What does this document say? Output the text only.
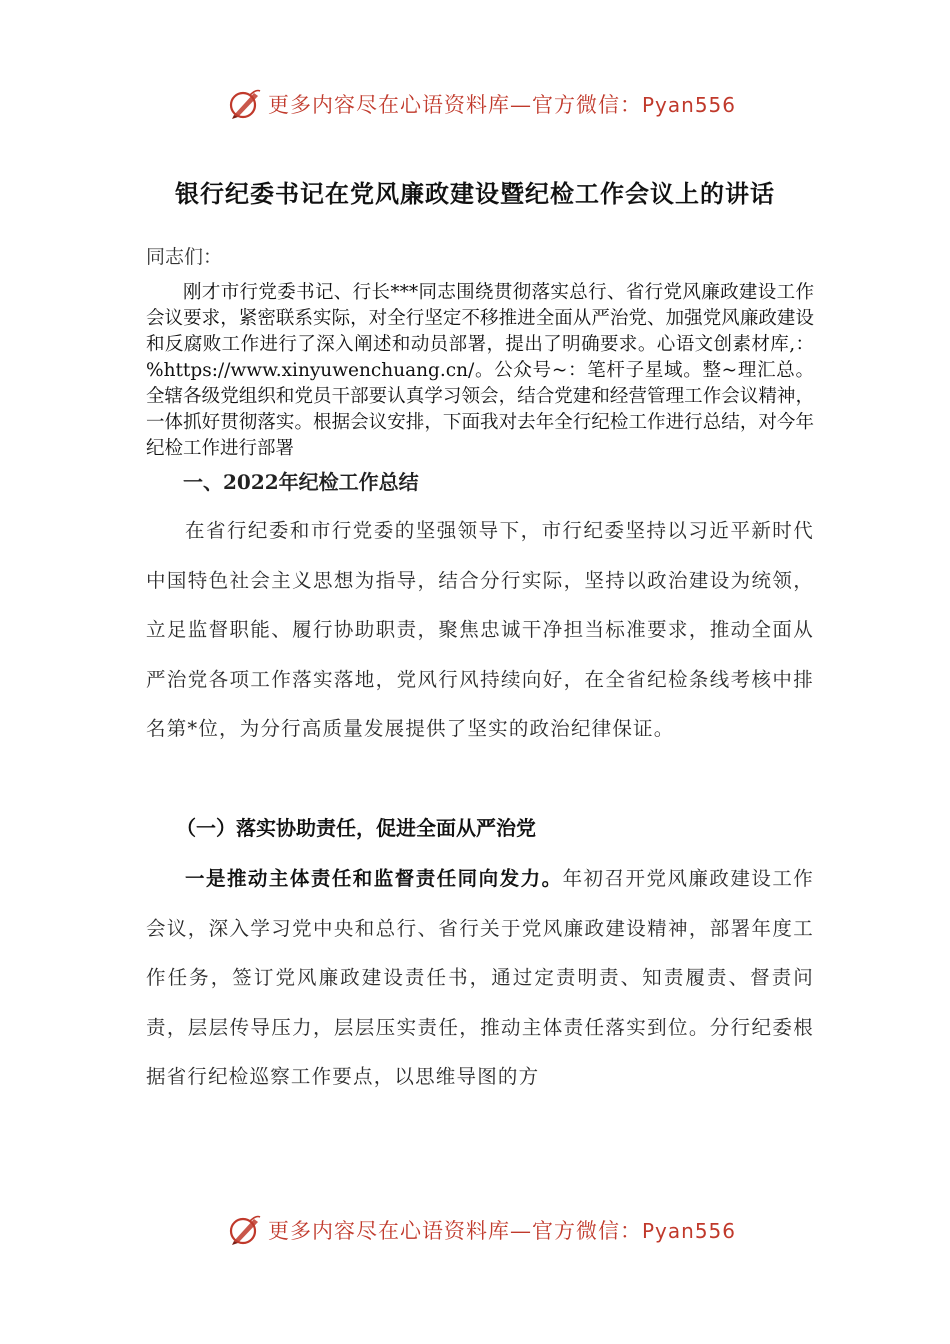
更多内容尽在心语资料库—官方微信：Pyan556
银行纪委书记在党风廉政建设暨纪检工作会议上的讲话
同志们：
刚才市行党委书记、行长***同志围绕贯彻落实总行、省行党风廉政建设工作会议要求，紧密联系实际，对全行坚定不移推进全面从严治党、加强党风廉政建设和反腐败工作进行了深入阐述和动员部署，提出了明确要求。心语文创素材库,：%https://www.xinyuwenchuang.cn/。公众号~：笔杆子星域。整~理汇总。全辖各级党组织和党员干部要认真学习领会，结合党建和经营管理工作会议精神，一体抓好贯彻落实。根据会议安排，下面我对去年全行纪检工作进行总结，对今年纪检工作进行部署
一、2022年纪检工作总结
在省行纪委和市行党委的坚强领导下，市行纪委坚持以习近平新时代中国特色社会主义思想为指导，结合分行实际，坚持以政治建设为统领，立足监督职能、履行协助职责，聚焦忠诚干净担当标准要求，推动全面从严治党各项工作落实落地，党风行风持续向好，在全省纪检条线考核中排名第*位，为分行高质量发展提供了坚实的政治纪律保证。
（一）落实协助责任，促进全面从严治党
一是推动主体责任和监督责任同向发力。年初召开党风廉政建设工作会议，深入学习党中央和总行、省行关于党风廉政建设精神，部署年度工作任务，签订党风廉政建设责任书，通过定责明责、知责履责、督责问责，层层传导压力，层层压实责任，推动主体责任落实到位。分行纪委根据省行纪检巡察工作要点，以思维导图的方
更多内容尽在心语资料库—官方微信：Pyan556
